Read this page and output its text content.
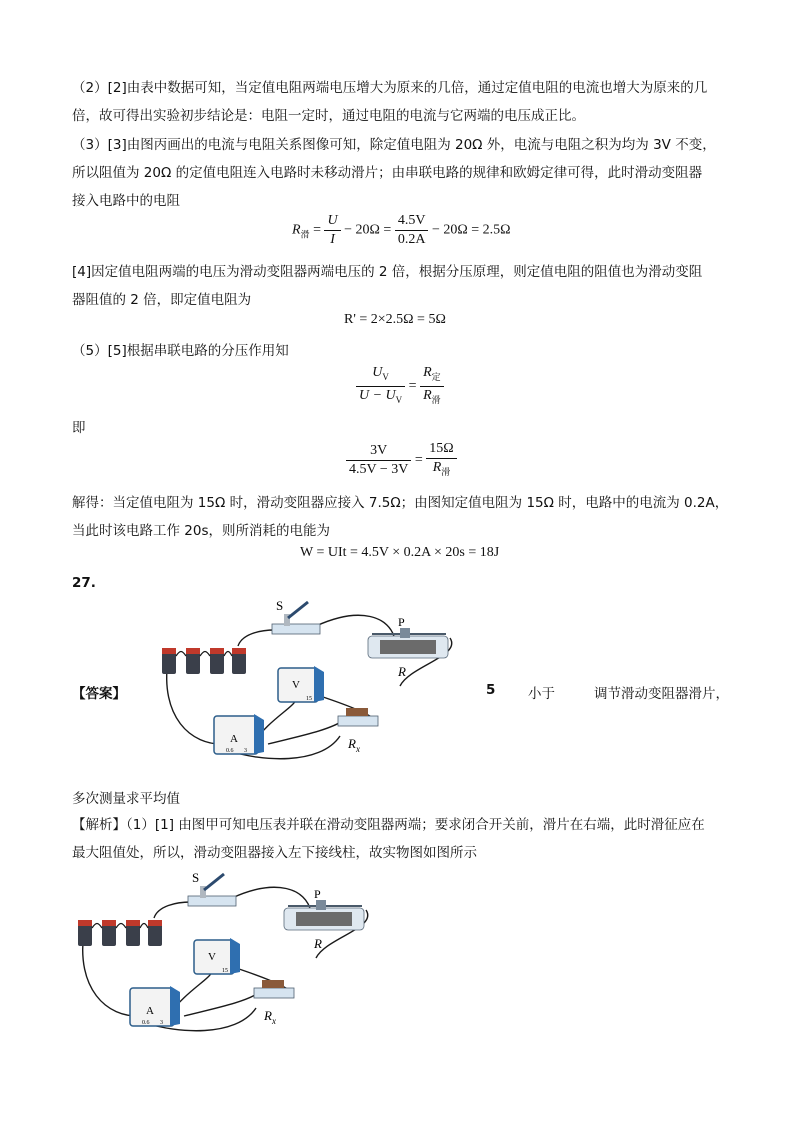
（2）[2]由表中数据可知，当定值电阻两端电压增大为原来的几倍，通过定值电阻的电流也增大为原来的几
倍，故可得出实验初步结论是：电阻一定时，通过电阻的电流与它两端的电压成正比。
（3）[3]由图丙画出的电流与电阻关系图像可知，除定值电阻为 20Ω 外，电流与电阻之积为均为 3V 不变，
所以阻值为 20Ω 的定值电阻连入电路时未移动滑片；由串联电路的规律和欧姆定律可得，此时滑动变阻器
接入电路中的电阻
$R_滑 = \frac{U}{I} - 20\Omega = \frac{4.5V}{0.2A} - 20\Omega = 2.5\Omega$
[4]因定值电阻两端的电压为滑动变阻器两端电压的 2 倍，根据分压原理，则定值电阻的阻值也为滑动变阻
器阻值的 2 倍，即定值电阻为
R' = 2×2.5Ω = 5Ω
（5）[5]根据串联电路的分压作用知
$\frac{U_V}{U - U_V} = \frac{R_定}{R_滑}$
即
$\frac{3V}{4.5V - 3V} = \frac{15\Omega}{R_滑}$
解得：当定值电阻为 15Ω 时，滑动变阻器应接入 7.5Ω；由图知定值电阻为 15Ω 时，电路中的电流为 0.2A，
当此时该电路工作 20s，则所消耗的电能为
W = UIt = 4.5V × 0.2A × 20s = 18J
27.
S
P
R
V
15
A
0.6 3	$R_x$
【答案】	5 小于	调节滑动变阻器滑片，
多次测量求平均值
【解析】（1）[1] 由图甲可知电压表并联在滑动变阻器两端；要求闭合开关前，滑片在右端，此时滑征应在
最大阻值处，所以，滑动变阻器接入左下接线柱，故实物图如图所示
S
P
R
V
15
A
0.6 3	$R_x$
